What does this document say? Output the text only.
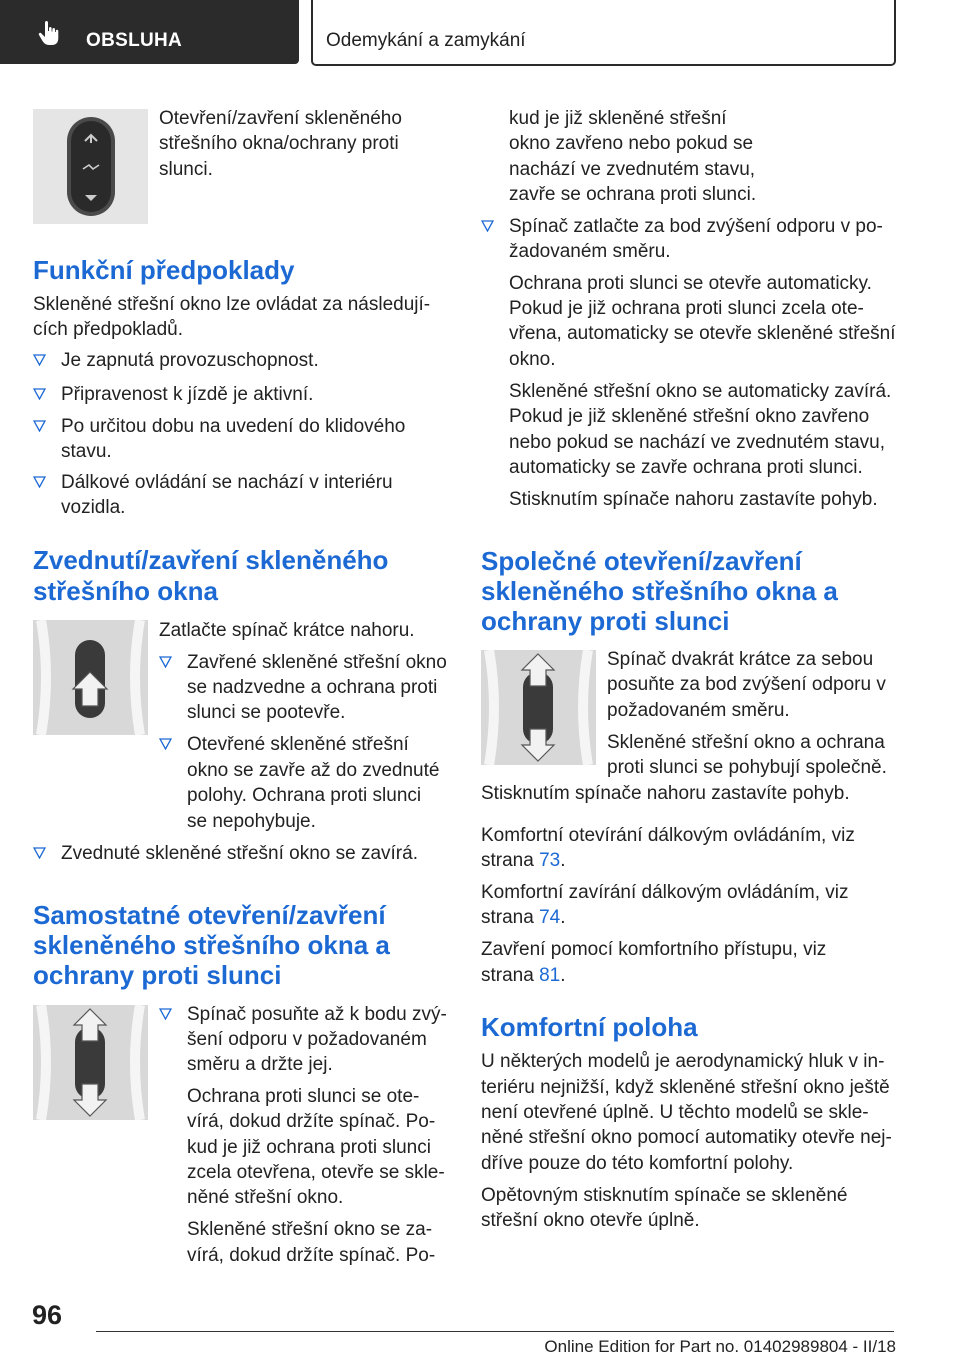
OBSLUHA	Odemykání a zamykání
Otevření/zavření skleněného
střešního okna/ochrany proti
slunci.
Funkční předpoklady
Skleněné střešní okno lze ovládat za následují‐
cích předpokladů.
Je zapnutá provozuschopnost.
Připravenost k jízdě je aktivní.
Po určitou dobu na uvedení do klidového
stavu.
Dálkové ovládání se nachází v interiéru
vozidla.
Zvednutí/zavření skleněného
střešního okna
Zatlačte spínač krátce nahoru.
Zavřené skleněné střešní okno
se nadzvedne a ochrana proti
slunci se pootevře.
Otevřené skleněné střešní
okno se zavře až do zvednuté
polohy. Ochrana proti slunci
se nepohybuje.
Zvednuté skleněné střešní okno se zavírá.
Samostatné otevření/zavření
skleněného střešního okna a
ochrany proti slunci
Spínač posuňte až k bodu zvý‐
šení odporu v požadovaném
směru a držte jej.
Ochrana proti slunci se ote‐
vírá, dokud držíte spínač. Po‐
kud je již ochrana proti slunci
zcela otevřena, otevře se skle‐
něné střešní okno.
Skleněné střešní okno se za‐
vírá, dokud držíte spínač. Po‐
kud je již skleněné střešní
okno zavřeno nebo pokud se
nachází ve zvednutém stavu,
zavře se ochrana proti slunci.
Spínač zatlačte za bod zvýšení odporu v po‐
žadovaném směru.
Ochrana proti slunci se otevře automaticky.
Pokud je již ochrana proti slunci zcela ote‐
vřena, automaticky se otevře skleněné střešní
okno.
Skleněné střešní okno se automaticky zavírá.
Pokud je již skleněné střešní okno zavřeno
nebo pokud se nachází ve zvednutém stavu,
automaticky se zavře ochrana proti slunci.
Stisknutím spínače nahoru zastavíte pohyb.
Společné otevření/zavření
skleněného střešního okna a
ochrany proti slunci
Spínač dvakrát krátce za sebou
posuňte za bod zvýšení odporu v
požadovaném směru.
Skleněné střešní okno a ochrana
proti slunci se pohybují společně.
Stisknutím spínače nahoru zastavíte pohyb.
Komfortní otevírání dálkovým ovládáním, viz
strana 73.
Komfortní zavírání dálkovým ovládáním, viz
strana 74.
Zavření pomocí komfortního přístupu, viz
strana 81.
Komfortní poloha
U některých modelů je aerodynamický hluk v in‐
teriéru nejnižší, když skleněné střešní okno ještě
není otevřené úplně. U těchto modelů se skle‐
něné střešní okno pomocí automatiky otevře nej‐
dříve pouze do této komfortní polohy.
Opětovným stisknutím spínače se skleněné
střešní okno otevře úplně.
96
Online Edition for Part no. 01402989804 - II/18
